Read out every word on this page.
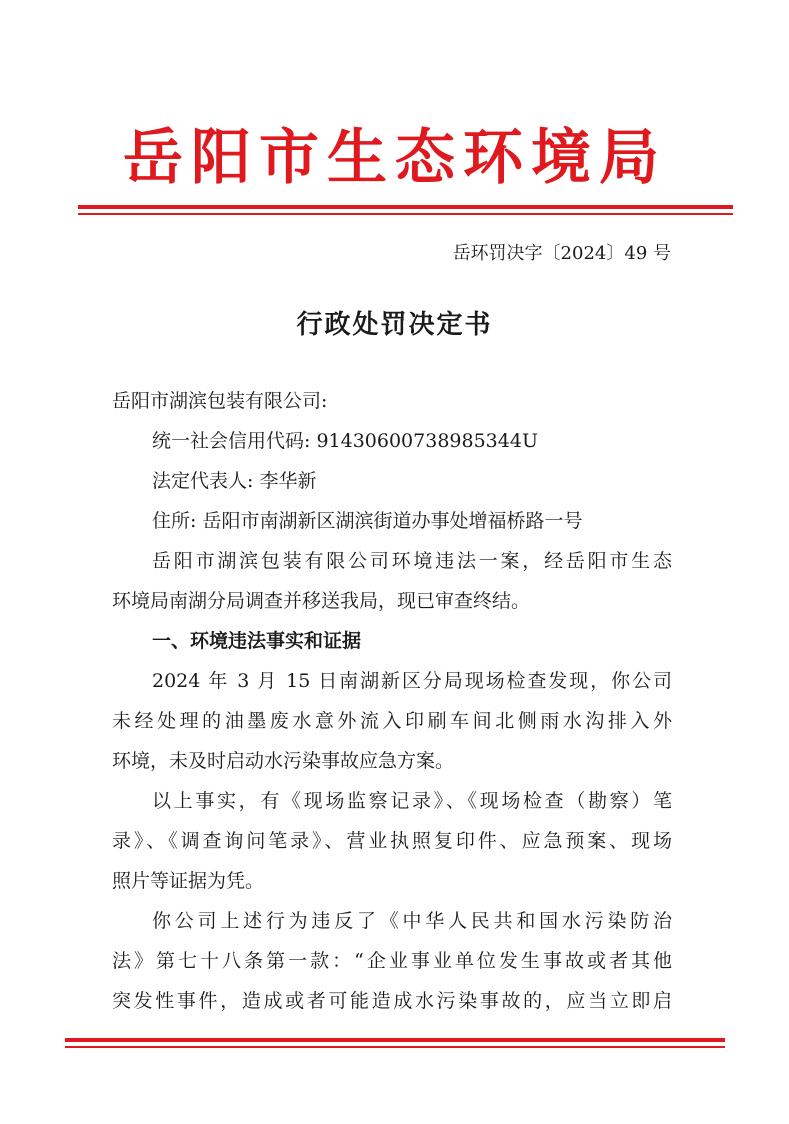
岳阳市生态环境局
岳环罚决字〔2024〕49 号
行政处罚决定书

岳阳市湖滨包装有限公司:

统一社会信用代码: 91430600738985344U

法定代表人: 李华新

住所: 岳阳市南湖新区湖滨街道办事处增福桥路一号

岳阳市湖滨包装有限公司环境违法一案，经岳阳市生态

环境局南湖分局调查并移送我局，现已审查终结。

一、环境违法事实和证据

2024 年 3 月 15 日南湖新区分局现场检查发现，你公司

未经处理的油墨废水意外流入印刷车间北侧雨水沟排入外

环境，未及时启动水污染事故应急方案。

以上事实，有《现场监察记录》、《现场检查（勘察）笔

录》、《调查询问笔录》、营业执照复印件、应急预案、现场

照片等证据为凭。

你公司上述行为违反了《中华人民共和国水污染防治

法》第七十八条第一款：“企业事业单位发生事故或者其他

突发性事件，造成或者可能造成水污染事故的，应当立即启
